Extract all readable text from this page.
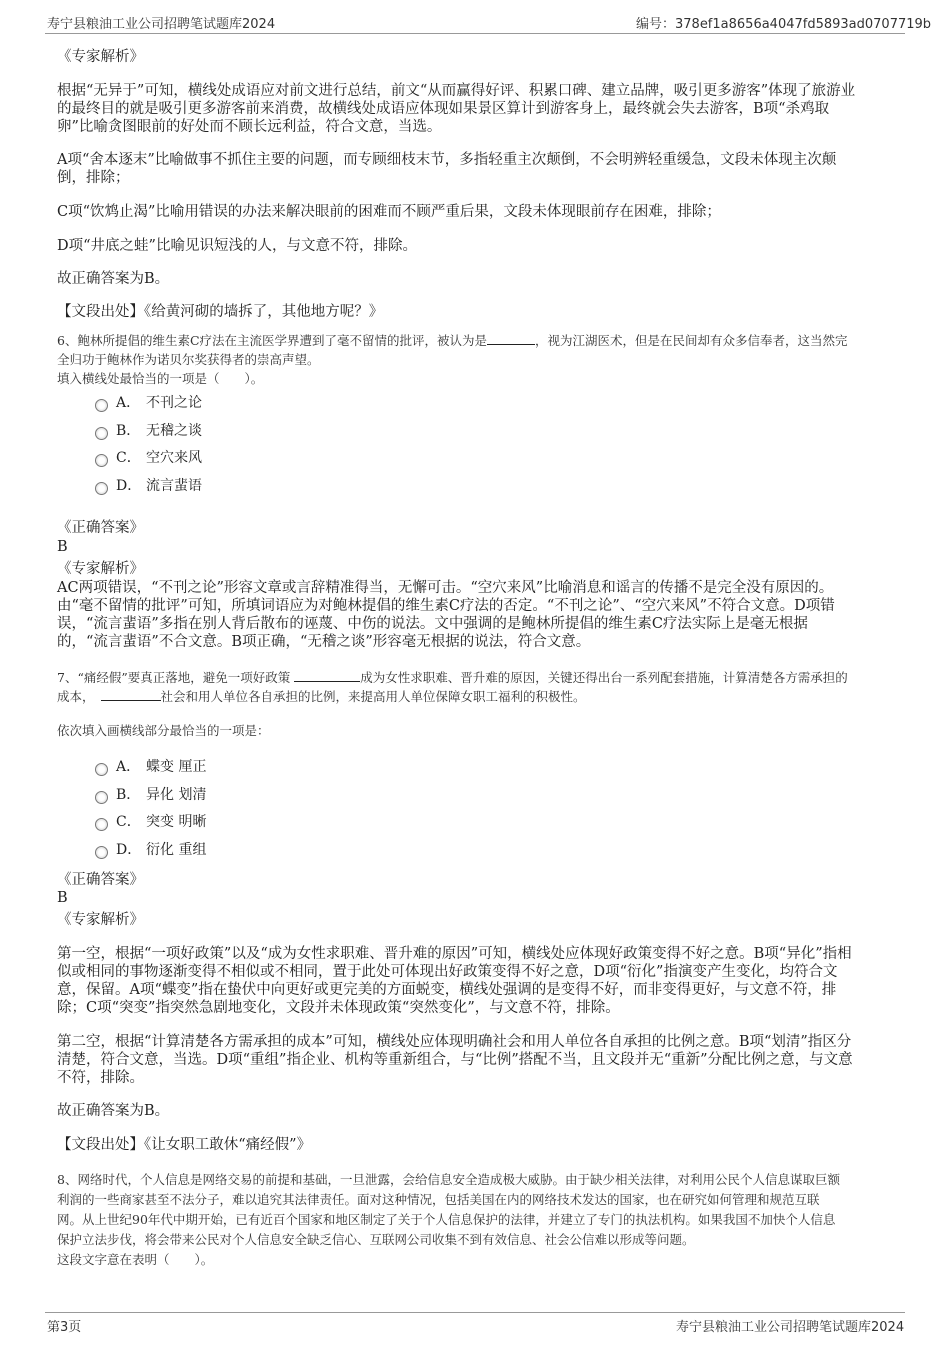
寿宁县粮油工业公司招聘笔试题库2024	编号：378ef1a8656a4047fd5893ad0707719b
《专家解析》
根据“无异于”可知，横线处成语应对前文进行总结，前文“从而赢得好评、积累口碑、建立品牌，吸引更多游客”体现了旅游业
的最终目的就是吸引更多游客前来消费，故横线处成语应体现如果景区算计到游客身上，最终就会失去游客，B项“杀鸡取
卵”比喻贪图眼前的好处而不顾长远利益，符合文意，当选。
A项“舍本逐末”比喻做事不抓住主要的问题，而专顾细枝末节，多指轻重主次颠倒，不会明辨轻重缓急，文段未体现主次颠
倒，排除；
C项“饮鸩止渴”比喻用错误的办法来解决眼前的困难而不顾严重后果，文段未体现眼前存在困难，排除；
D项“井底之蛙”比喻见识短浅的人，与文意不符，排除。
故正确答案为B。
【文段出处】《给黄河砌的墙拆了，其他地方呢？》
6、鲍林所提倡的维生素C疗法在主流医学界遭到了毫不留情的批评，被认为是	，视为江湖医术，但是在民间却有众多信奉者，这当然完
全归功于鲍林作为诺贝尔奖获得者的崇高声望。
填入横线处最恰当的一项是（　　）。
A． 不刊之论
B． 无稽之谈
C． 空穴来风
D． 流言蜚语
《正确答案》
B
《专家解析》
AC两项错误，“不刊之论”形容文章或言辞精准得当，无懈可击。“空穴来风”比喻消息和谣言的传播不是完全没有原因的。
由“毫不留情的批评”可知，所填词语应为对鲍林提倡的维生素C疗法的否定。“不刊之论”、“空穴来风”不符合文意。D项错
误，“流言蜚语”多指在别人背后散布的诬蔑、中伤的说法。文中强调的是鲍林所提倡的维生素C疗法实际上是毫无根据
的，“流言蜚语”不合文意。B项正确，“无稽之谈”形容毫无根据的说法，符合文意。
7、“痛经假”要真正落地，避免一项好政策	成为女性求职难、晋升难的原因，关键还得出台一系列配套措施，计算清楚各方需承担的
成本，	社会和用人单位各自承担的比例，来提高用人单位保障女职工福利的积极性。
依次填入画横线部分最恰当的一项是：
A． 蝶变 厘正
B． 异化 划清
C． 突变 明晰
D． 衍化 重组
《正确答案》
B
《专家解析》
第一空，根据“一项好政策”以及“成为女性求职难、晋升难的原因”可知，横线处应体现好政策变得不好之意。B项“异化”指相
似或相同的事物逐渐变得不相似或不相同，置于此处可体现出好政策变得不好之意，D项“衍化”指演变产生变化，均符合文
意，保留。A项“蝶变”指在蛰伏中向更好或更完美的方面蜕变，横线处强调的是变得不好，而非变得更好，与文意不符，排
除；C项“突变”指突然急剧地变化，文段并未体现政策“突然变化”，与文意不符，排除。
第二空，根据“计算清楚各方需承担的成本”可知，横线处应体现明确社会和用人单位各自承担的比例之意。B项“划清”指区分
清楚，符合文意，当选。D项“重组”指企业、机构等重新组合，与“比例”搭配不当，且文段并无“重新”分配比例之意，与文意
不符，排除。
故正确答案为B。
【文段出处】《让女职工敢休“痛经假”》
8、网络时代，个人信息是网络交易的前提和基础，一旦泄露，会给信息安全造成极大威胁。由于缺少相关法律，对利用公民个人信息谋取巨额
利润的一些商家甚至不法分子，难以追究其法律责任。面对这种情况，包括美国在内的网络技术发达的国家，也在研究如何管理和规范互联
网。从上世纪90年代中期开始，已有近百个国家和地区制定了关于个人信息保护的法律，并建立了专门的执法机构。如果我国不加快个人信息
保护立法步伐，将会带来公民对个人信息安全缺乏信心、互联网公司收集不到有效信息、社会公信难以形成等问题。
这段文字意在表明（　　）。
第3页	寿宁县粮油工业公司招聘笔试题库2024
